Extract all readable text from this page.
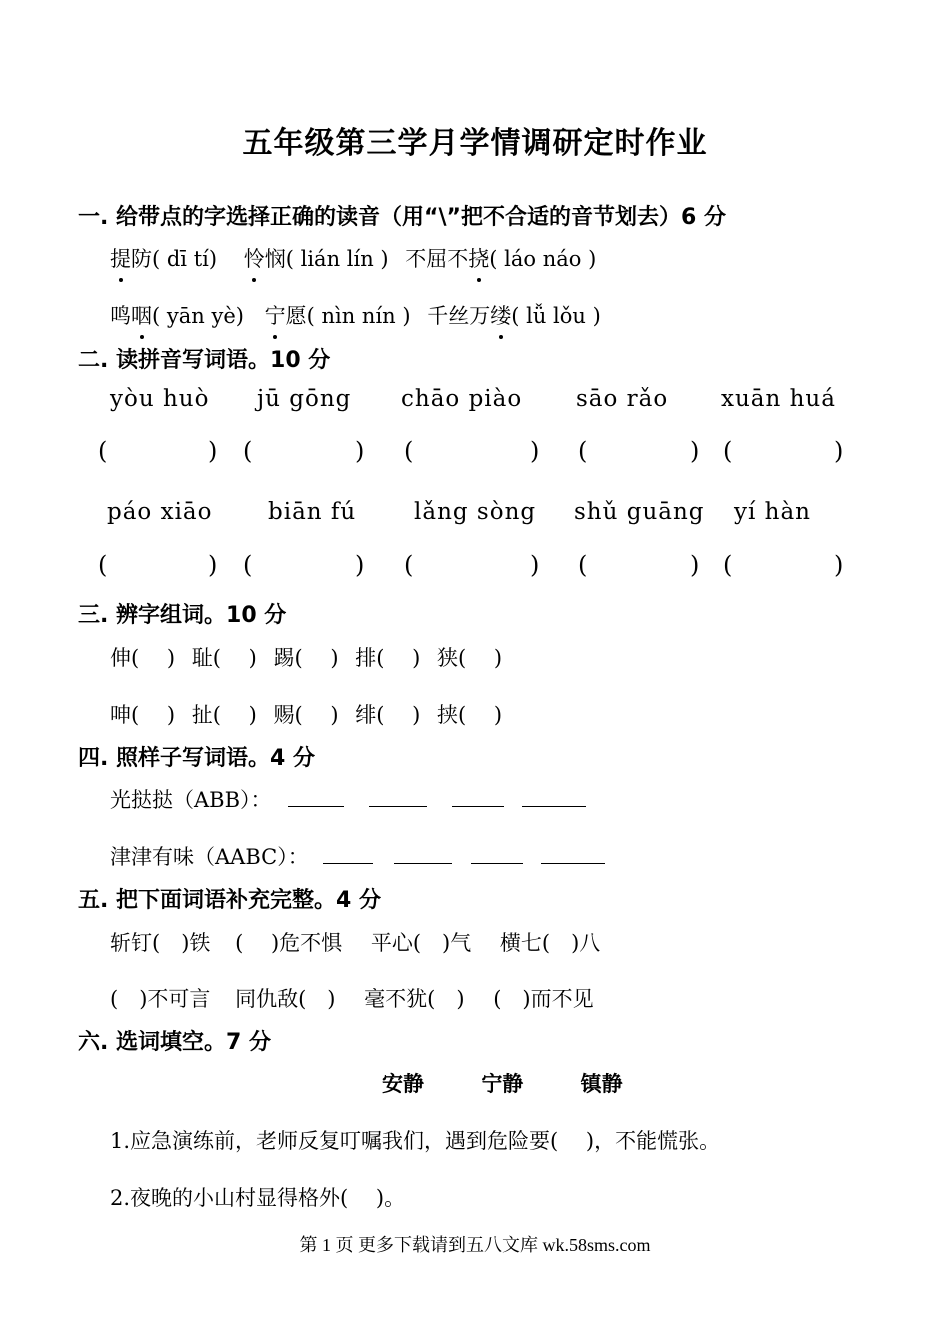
五年级第三学月学情调研定时作业
一. 给带点的字选择正确的读音（用“\”把不合适的音节划去）6 分
提防( dī tí) 怜悯( lián lín ) 不屈不挠( láo náo )
鸣咽( yān yè) 宁愿( nìn nín ) 千丝万缕( lǚ lǒu )
二. 读拼音写词语。10 分
yòu huò jū gōng chāo piào sāo rǎo xuān huá
(	) (	) (	) (	) (	)
páo xiāo biān fú	lǎng sòng shǔ guāng yí hàn
(	) (	) (	) (	) (	)
三. 辨字组词。10 分
伸(　 ) 耻(　 ) 踢(　 ) 排(　 ) 狭(　 )
呻(　 ) 扯(　 ) 赐(　 ) 绯(　 ) 挟(　 )
四. 照样子写词语。4 分
光挞挞（ABB）：
津津有味（AABC）：
五. 把下面词语补充完整。4 分
斩钉(　)铁 (　 )危不惧 平心(　)气 横七(　)八
(　)不可言 同仇敌(　) 毫不犹(　) (　)而不见
六. 选词填空。7 分
安静	宁静	镇静
1.应急演练前，老师反复叮嘱我们，遇到危险要(　 )，不能慌张。
2.夜晚的小山村显得格外(　 )。
第 1 页 更多下载请到五八文库 wk.58sms.com
